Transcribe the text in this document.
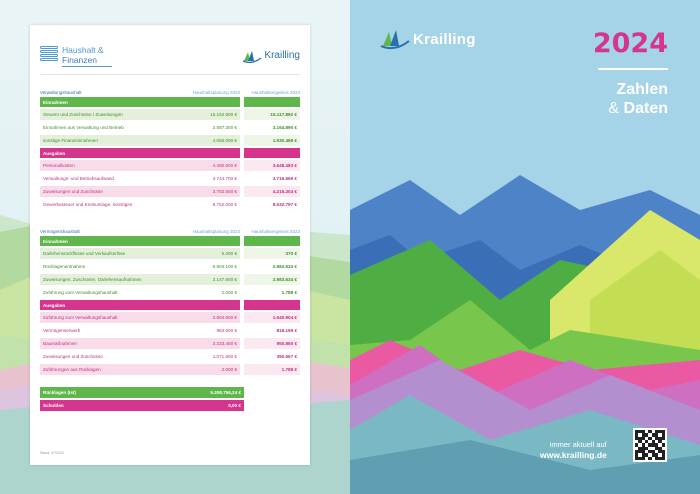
Haushalt &
Finanzen	Krailling
Verwaltungshaushalt	Haushaltsplanung 2023	Haushaltsergebnis 2023
Einnahmen			
Steuern und Zuschüsse / Zuweisungen	15.152.500 €		15.117.892 €
Einnahmen aus Verwaltung und Betrieb	2.587.300 €		3.164.890 €
sonstige Finanzeinnahmen	4.055.000 €		1.930.468 €
Ausgaben			
Personalkosten	4.490.600 €		3.648.483 €
Verwaltungs- und Betriebsaufwand	4.744.700 €		3.716.666 €
Zuweisungen und Zuschüsse	3.763.500 €		4.215.304 €
Gewerbesteuer und Kreisumlage, sonstiges	8.752.000 €		8.632.797 €
Vermögenshaushalt	Haushaltsplanung 2023	Haushaltsergebnis 2023
Einnahmen			
Darlehensrückflüsse und Verkaufserlöse	5.200 €		370 €
Rücklagenentnahme	5.904.100 €		2.983.634 €
Zuweisungen, Zuschüsse, Darlehensaufnahmen	2.147.600 €		2.983.634 €
Zuführung vom Verwaltungshaushalt	2.000 €		1.788 €
Ausgaben			
Zuführung zum Verwaltungshaushalt	2.604.600 €		1.640.904 €
Vermögenserwerb	963.500 €		818.195 €
Baumaßnahmen	2.333.400 €		950.850 €
Zuweisungen und Zuschüsse	1.071.600 €		390.667 €
Zuführungen aus Rücklagen	2.000 €		1.788 €
Rücklagen (Ist)	5.308.756,24 €	
Schulden	0,00 €	
Stand: 07/2024
Krailling	2024
Zahlen
& Daten
immer aktuell auf
www.krailling.de
